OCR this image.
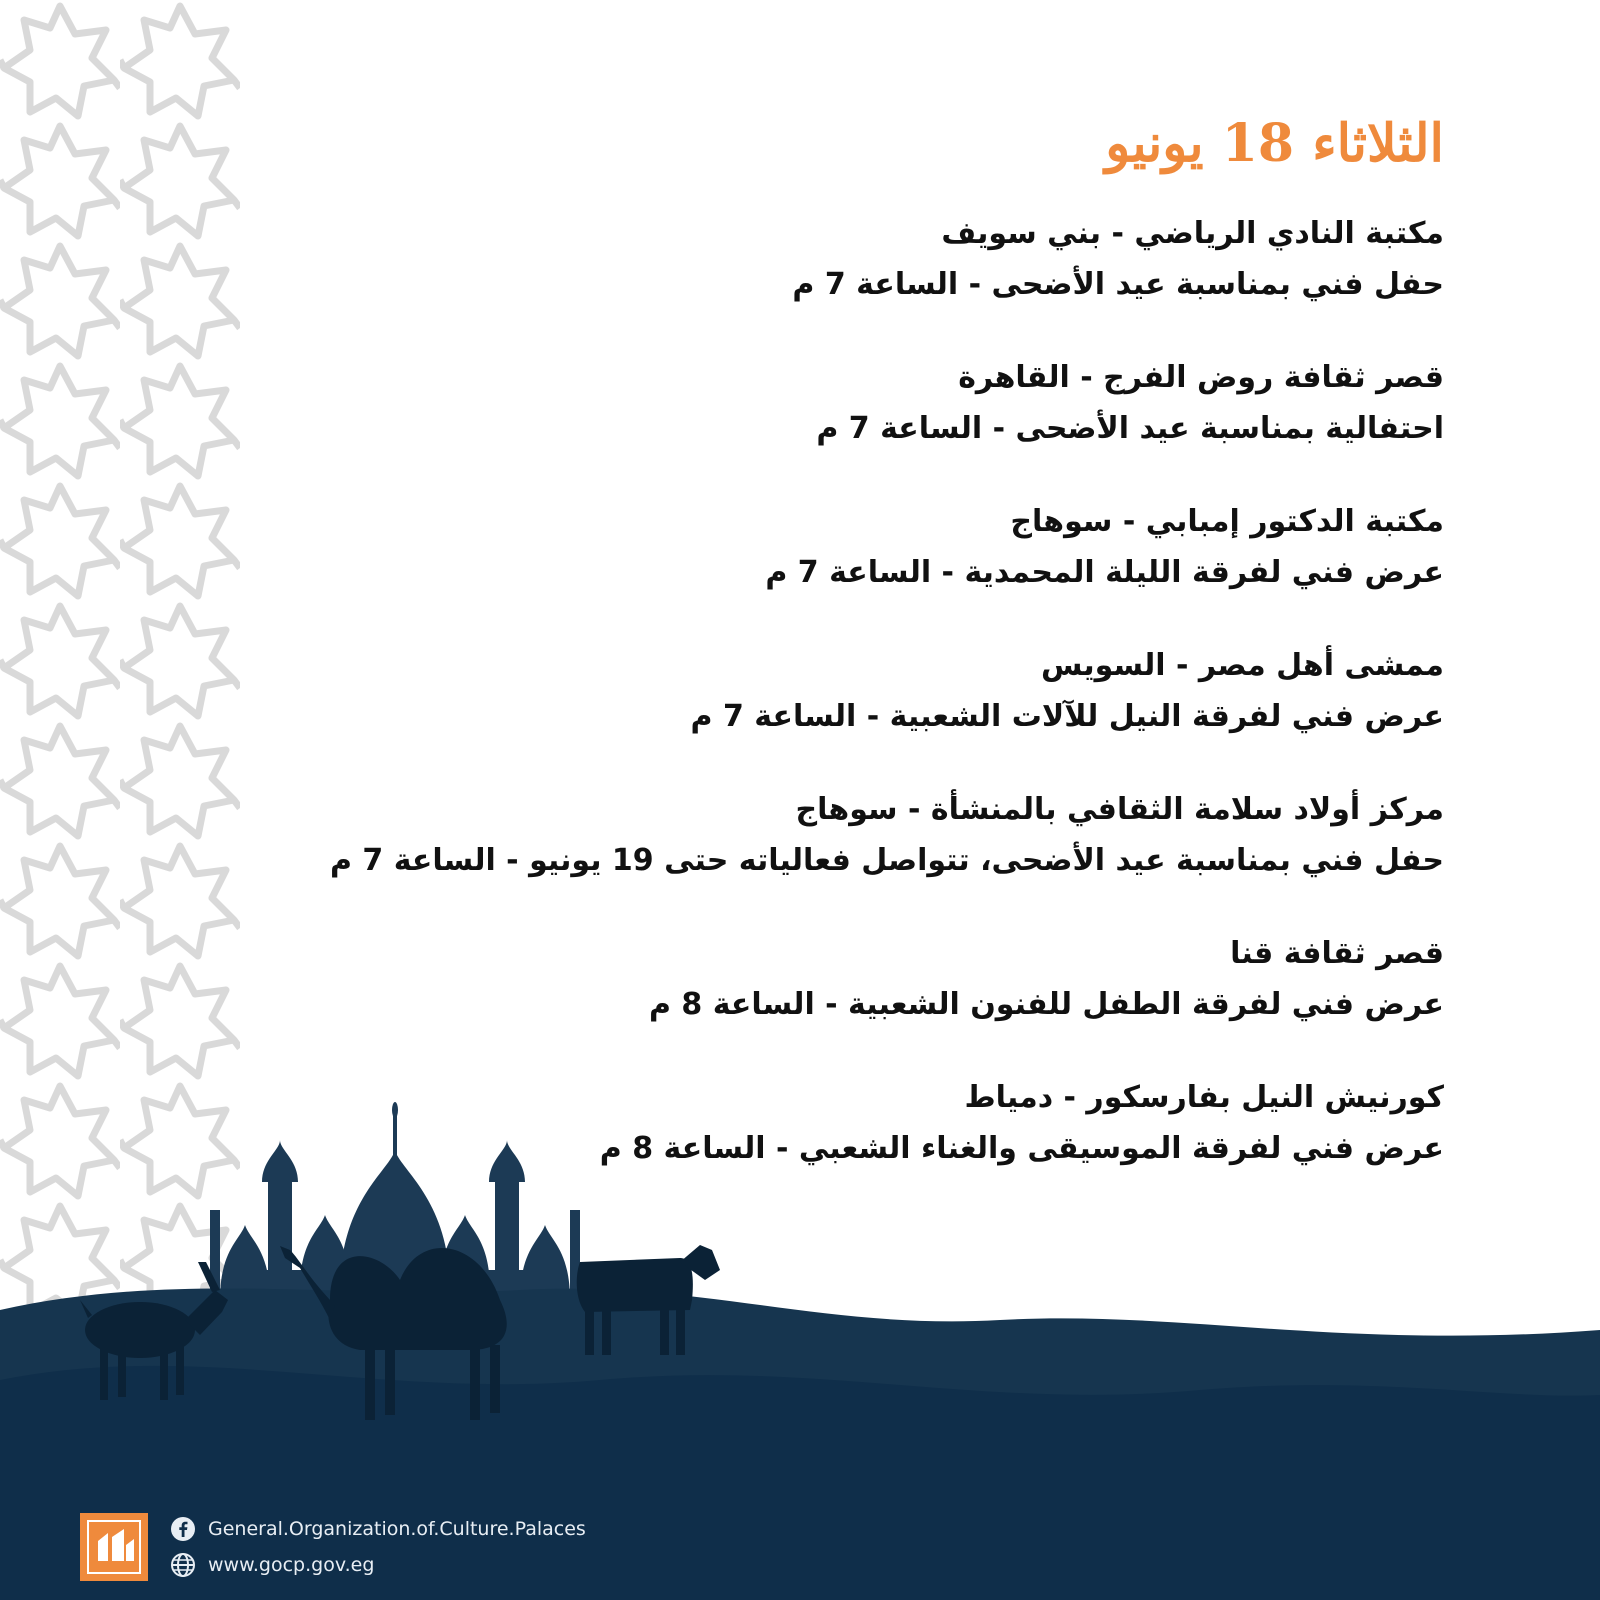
الثلاثاء 18 يونيو
مكتبة النادي الرياضي - بني سويف
حفل فني بمناسبة عيد الأضحى - الساعة 7 م
قصر ثقافة روض الفرج - القاهرة
احتفالية بمناسبة عيد الأضحى - الساعة 7 م
مكتبة الدكتور إمبابي - سوهاج
عرض فني لفرقة الليلة المحمدية - الساعة 7 م
ممشى أهل مصر - السويس
عرض فني لفرقة النيل للآلات الشعبية - الساعة 7 م
مركز أولاد سلامة الثقافي بالمنشأة - سوهاج
حفل فني بمناسبة عيد الأضحى، تتواصل فعالياته حتى 19 يونيو - الساعة 7 م
قصر ثقافة قنا
عرض فني لفرقة الطفل للفنون الشعبية - الساعة 8 م
كورنيش النيل بفارسكور - دمياط
عرض فني لفرقة الموسيقى والغناء الشعبي - الساعة 8 م
General.Organization.of.Culture.Palaces
www.gocp.gov.eg
